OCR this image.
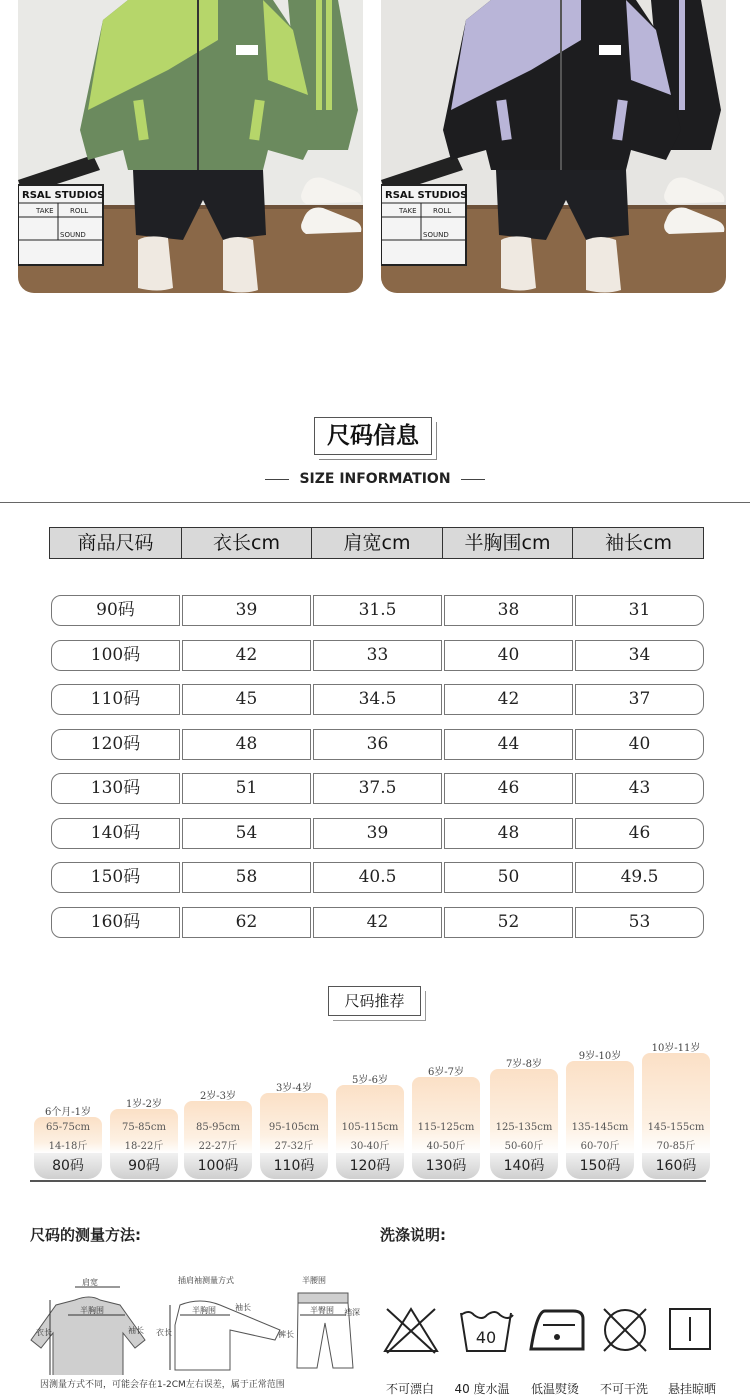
RSAL STUDIOS
TAKE ROLL
SOUND
RSAL STUDIOS
TAKE ROLL
SOUND
尺码信息
SIZE INFORMATION
商品尺码	衣长cm	肩宽cm	半胸围cm	袖长cm
90码	39	31.5	38	31
100码	42	33	40	34
110码	45	34.5	42	37
120码	48	36	44	40
130码	51	37.5	46	43
140码	54	39	48	46
150码	58	40.5	50	49.5
160码	62	42	52	53
尺码推荐
6个月-1岁
65-75cm
14-18斤
80码
1岁-2岁
75-85cm
18-22斤
90码
2岁-3岁
85-95cm
22-27斤
100码
3岁-4岁
95-105cm
27-32斤
110码
5岁-6岁
105-115cm
30-40斤
120码
6岁-7岁
115-125cm
40-50斤
130码
7岁-8岁
125-135cm
50-60斤
140码
9岁-10岁
135-145cm
60-70斤
150码
10岁-11岁
145-155cm
70-85斤
160码
尺码的测量方法:
肩宽
半胸围
衣长	袖长
插肩袖测量方式
半胸围
衣长
袖长
半腰围
半臀围
裤长
裆深
因测量方式不同，可能会存在1-2CM左右误差，属于正常范围
洗涤说明:
40
不可漂白	40 度水温	低温熨烫	不可干洗	悬挂晾晒
